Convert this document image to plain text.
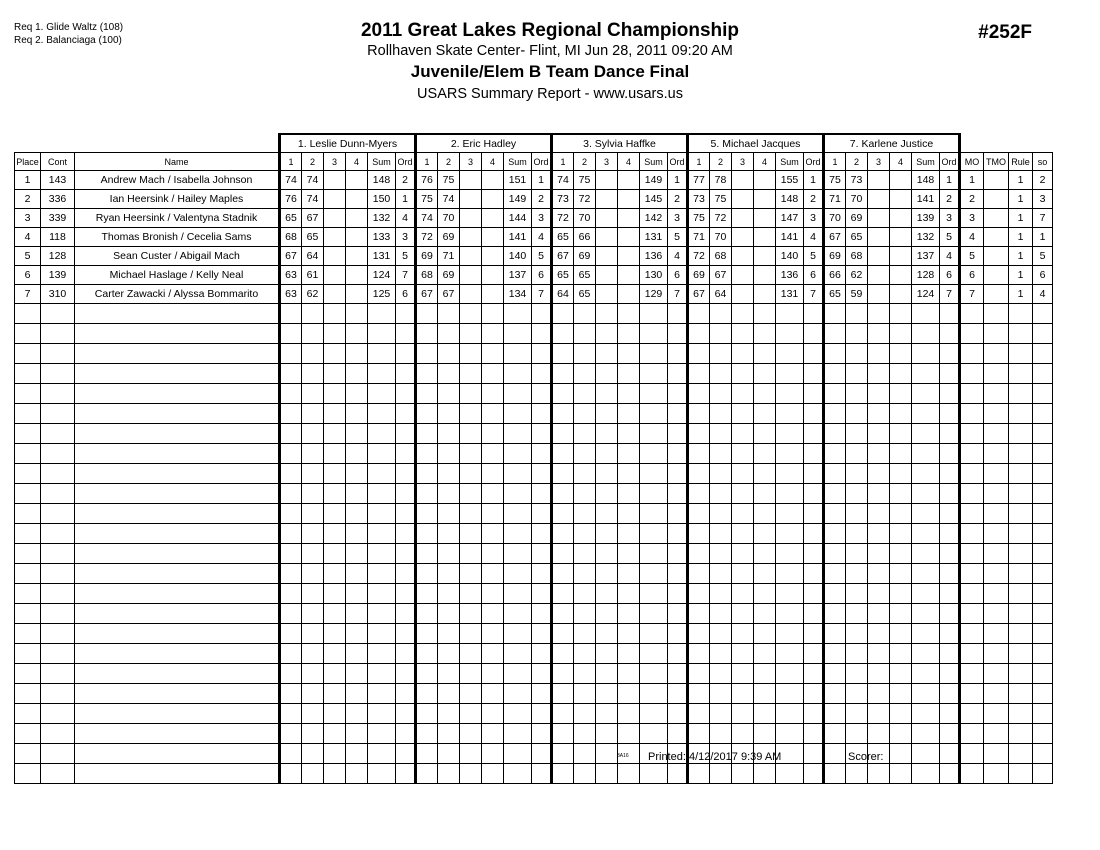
Req 1. Glide Waltz (108)
Req 2. Balanciaga (100)	2011 Great Lakes Regional Championship
Rollhaven Skate Center- Flint, MI Jun 28, 2011 09:20 AM
Juvenile/Elem B Team Dance Final
USARS Summary Report - www.usars.us
#252F
			1. Leslie Dunn-Myers						2. Eric Hadley						3. Sylvia Haffke						5. Michael Jacques						7. Karlene Justice									
Place	Cont	Name	1	2	3	4	Sum	Ord	1	2	3	4	Sum	Ord	1	2	3	4	Sum	Ord	1	2	3	4	Sum	Ord	1	2	3	4	Sum	Ord	MO	TMO	Rule	so
1	143	Andrew Mach / Isabella Johnson	74	74			148	2	76	75			151	1	74	75			149	1	77	78			155	1	75	73			148	1	1		1	2
2	336	Ian Heersink / Hailey Maples	76	74			150	1	75	74			149	2	73	72			145	2	73	75			148	2	71	70			141	2	2		1	3
3	339	Ryan Heersink / Valentyna Stadnik	65	67			132	4	74	70			144	3	72	70			142	3	75	72			147	3	70	69			139	3	3		1	7
4	118	Thomas Bronish / Cecelia Sams	68	65			133	3	72	69			141	4	65	66			131	5	71	70			141	4	67	65			132	5	4		1	1
5	128	Sean Custer / Abigail Mach	67	64			131	5	69	71			140	5	67	69			136	4	72	68			140	5	69	68			137	4	5		1	5
6	139	Michael Haslage / Kelly Neal	63	61			124	7	68	69			137	6	65	65			130	6	69	67			136	6	66	62			128	6	6		1	6
7	310	Carter Zawacki / Alyssa Bommarito	63	62			125	6	67	67			134	7	64	65			129	7	67	64			131	7	65	59			124	7	7		1	4

3A16 Printed: 4/12/2017 9:39 AM	Scorer:
